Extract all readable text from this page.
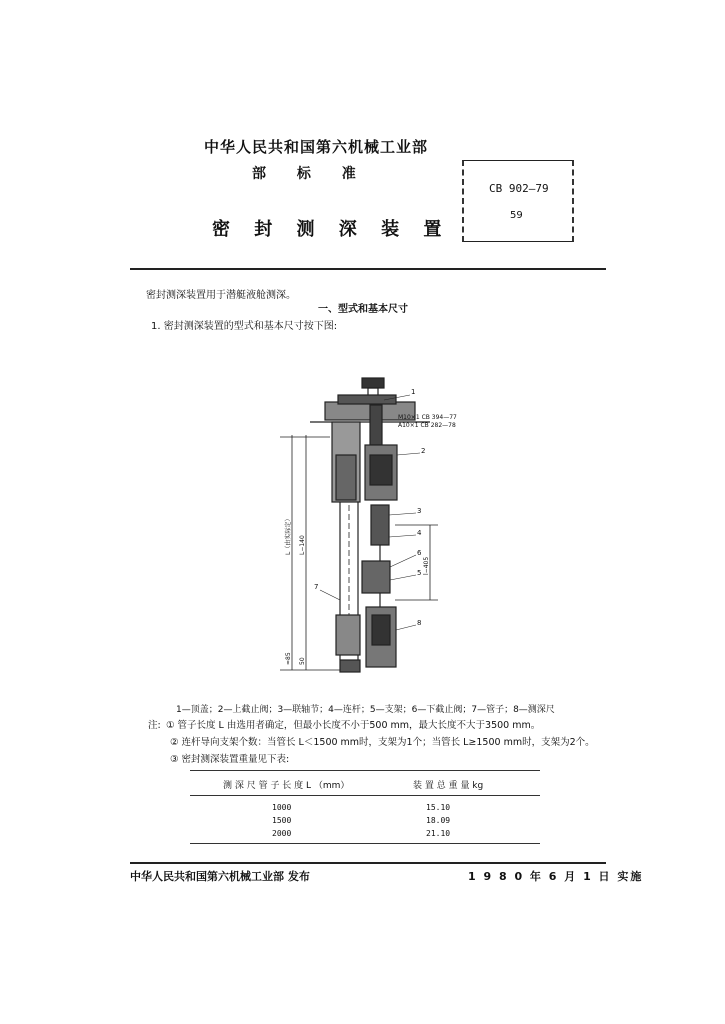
中华人民共和国第六机械工业部
部 标 准
密 封 测 深 装 置
CB 902—79
59
密封测深装置用于潜艇液舱测深。
一、型式和基本尺寸
1. 密封测深装置的型式和基本尺寸按下图:
1
2
3
4
6
5
7
8
M10×1 CB 394—77
A10×1 CB 282—78
L（由实际定） L−140
l−405
≈85 50
1—顶盖；2—上截止阀；3—联轴节；4—连杆；5—支架；6—下截止阀；7—管子；8—测深尺
注: ① 管子长度 L 由选用者确定，但最小长度不小于500 mm，最大长度不大于3500 mm。
② 连杆导向支架个数：当管长 L＜1500 mm时，支架为1个；当管长 L≥1500 mm时，支架为2个。
③ 密封测深装置重量见下表:
测 深 尺 管 子 长 度 L （mm）	装 置 总 重 量 kg
1000	15.10
1500	18.09
2000	21.10
中华人民共和国第六机械工业部 发布	1 9 8 0 年 6 月 1 日 实施
